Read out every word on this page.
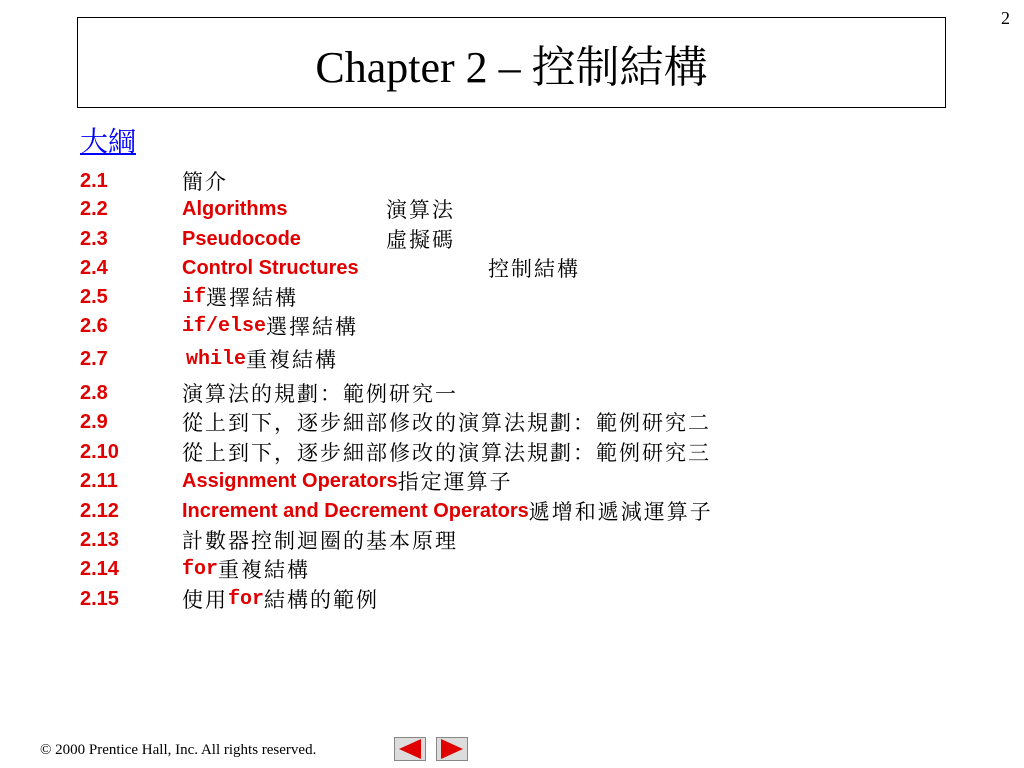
2
Chapter 2 – 控制結構
大綱
2.1	簡介
2.2	Algorithms	演算法
2.3	Pseudocode	虛擬碼
2.4	Control Structures	控制結構
2.5	if 選擇結構
2.6	if/else 選擇結構
2.7	while 重複結構
2.8	演算法的規劃：範例研究一
2.9	從上到下，逐步細部修改的演算法規劃：範例研究二
2.10	從上到下，逐步細部修改的演算法規劃：範例研究三
2.11	Assignment Operators 指定運算子
2.12	Increment and Decrement Operators 遞增和遞減運算子
2.13	計數器控制迴圈的基本原理
2.14	for 重複結構
2.15	使用 for 結構的範例
© 2000 Prentice Hall, Inc. All rights reserved.
